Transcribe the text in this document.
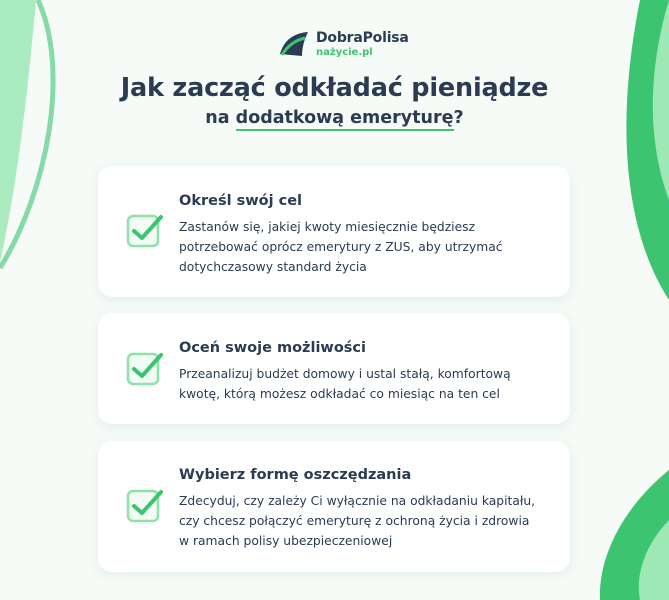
DobraPolisa
nażycie.pl
Jak zacząć odkładać pieniądze
na dodatkową emeryturę?
Określ swój cel
Zastanów się, jakiej kwoty miesięcznie będziesz
potrzebować oprócz emerytury z ZUS, aby utrzymać
dotychczasowy standard życia
Oceń swoje możliwości
Przeanalizuj budżet domowy i ustal stałą, komfortową
kwotę, którą możesz odkładać co miesiąc na ten cel
Wybierz formę oszczędzania
Zdecyduj, czy zależy Ci wyłącznie na odkładaniu kapitału,
czy chcesz połączyć emeryturę z ochroną życia i zdrowia
w ramach polisy ubezpieczeniowej
